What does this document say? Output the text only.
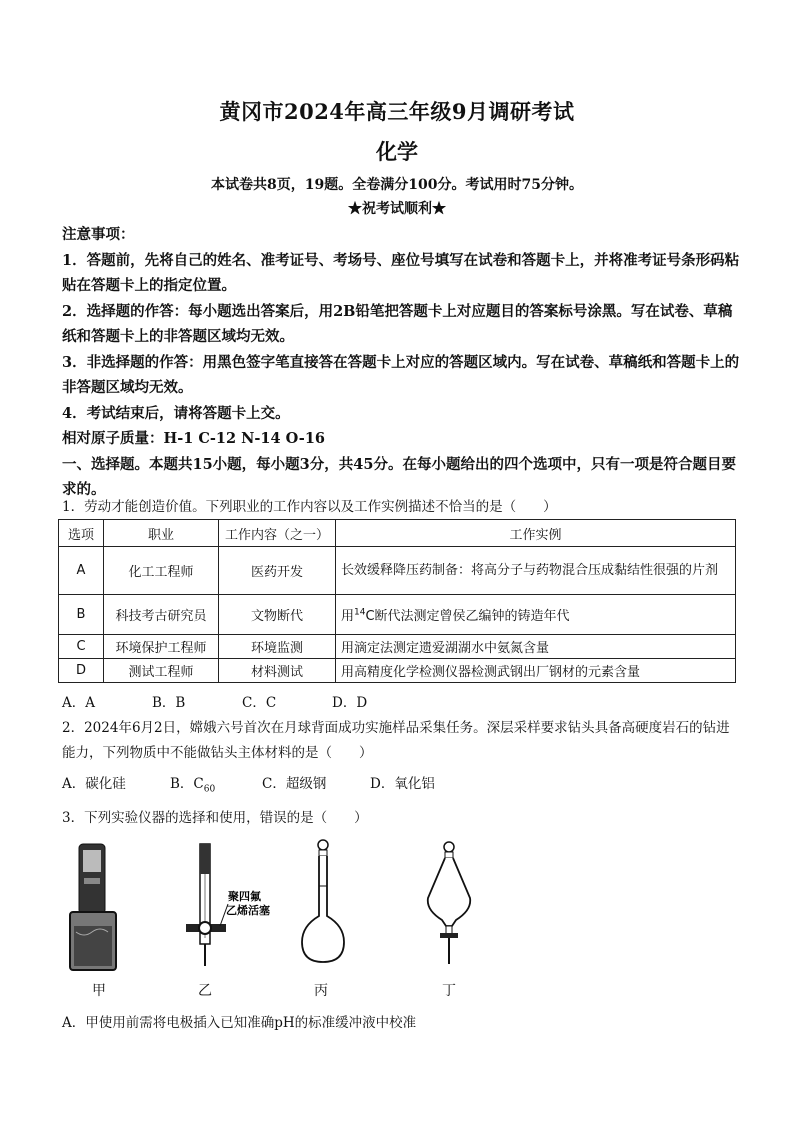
黄冈市2024年高三年级9月调研考试
化学
本试卷共8页，19题。全卷满分100分。考试用时75分钟。
★祝考试顺利★

注意事项：

1．答题前，先将自己的姓名、准考证号、考场号、座位号填写在试卷和答题卡上，并将准考证号条形码粘贴在答题卡上的指定位置。

2．选择题的作答：每小题选出答案后，用2B铅笔把答题卡上对应题目的答案标号涂黑。写在试卷、草稿纸和答题卡上的非答题区域均无效。

3．非选择题的作答：用黑色签字笔直接答在答题卡上对应的答题区域内。写在试卷、草稿纸和答题卡上的非答题区域均无效。

4．考试结束后，请将答题卡上交。

相对原子质量：H-1 C-12 N-14 O-16

一、选择题。本题共15小题，每小题3分，共45分。在每小题给出的四个选项中，只有一项是符合题目要求的。

1．劳动才能创造价值。下列职业的工作内容以及工作实例描述不恰当的是（　　）

选项	职业	工作内容（之一）	工作实例
A	化工工程师	医药开发	长效缓释降压药制备：将高分子与药物混合压成黏结性很强的片剂
B	科技考古研究员	文物断代	用$^{14}$C断代法测定曾侯乙编钟的铸造年代
C	环境保护工程师	环境监测	用滴定法测定遗爱湖湖水中氨氮含量
D	测试工程师	材料测试	用高精度化学检测仪器检测武钢出厂钢材的元素含量

A．A	B．B	C．C	D．D

2．2024年6月2日，嫦娥六号首次在月球背面成功实施样品采集任务。深层采样要求钻头具备高硬度岩石的钻进能力，下列物质中不能做钻头主体材料的是（　　）

A．碳化硅	B．$C_{60}$	C．超级钢	D．氧化铝

3．下列实验仪器的选择和使用，错误的是（　　）

聚四氟
乙烯活塞
甲	乙	丙	丁

A．甲使用前需将电极插入已知准确pH的标准缓冲液中校准
